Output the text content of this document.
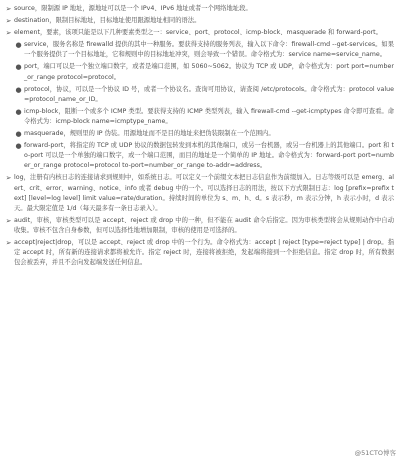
➢ source，限制源 IP 地址，源地址可以是一个 IPv4、IPv6 地址或者一个网络地址段。
➢ destination，限制目标地址，目标地址使用跟源地址相同的语法。
➢ element，要素，该项只能是以下几种要素类型之一：service、port、protocol、icmp-block、masquerade 和 forward-port。
● service，服务名称是 firewalld 提供的其中一种服务。要获得支持的服务列表，输入以下命令：firewall-cmd --get-services。如果一个服务提供了一个目标地址，它和规则中的目标地址冲突，则会导致一个错误。命令格式为：service name=service_name。
● port，端口可以是一个独立端口数字，或者是端口范围，如 5060~5062。协议为 TCP 或 UDP，命令格式为：port port=number_or_range protocol=protocol。
● protocol，协议，可以是一个协议 ID 号，或者一个协议名。查询可用协议，请查阅 /etc/protocols。命令格式为：protocol value=protocol_name_or_ID。
● icmp-block，阻断一个或多个 ICMP 类型。要获得支持的 ICMP 类型列表，输入 firewall-cmd --get-icmptypes 命令即可查看。命令格式为：icmp-block name=icmptype_name。
● masquerade，规则里的 IP 伪装。用源地址而不是目的地址来把伪装限制在一个范围内。
● forward-port，将指定的 TCP 或 UDP 协议的数据包转发到本机的其他端口，或另一台机器，或另一台机器上的其他端口。port 和 to-port 可以是一个单独的端口数字，或一个端口范围，而目的地址是一个简单的 IP 地址。命令格式为：forward-port port=number_or_range protocol=protocol to-port=number_or_range to-addr=address。
➢ log，注册有内核日志的连接请求到规则中，如系统日志。可以定义一个前缀文本把日志信息作为前缀加入。日志等级可以是 emerg、alert、crit、error、warning、notice、info 或者 debug 中的一个。可以选择日志的用法，按以下方式限制日志：log [prefix=prefix text] [level=log level] limit value=rate/duration。持续时间的单位为 s、m、h、d。s 表示秒，m 表示分钟，h 表示小时，d 表示天。最大限定值是 1/d（每天最多有一条日志录入）。
➢ audit，审核，审核类型可以是 accept、reject 或 drop 中的一种，但不能在 audit 命令后指定。因为审核类型将会从规则动作中自动收集。审核不包含自身参数，但可以选择性地增加限制，审核的使用是可选择的。
➢ accept|reject|drop，可以是 accept、reject 或 drop 中的一个行为。命令格式为：accept | reject [type=reject type] | drop。指定 accept 时，所有新的连接请求都将被允许。指定 reject 时，连接将被拒绝，发起端将接到一个拒绝信息。指定 drop 时，所有数据包会被丢弃，并且不会向发起端发送任何信息。
@51CTO博客
